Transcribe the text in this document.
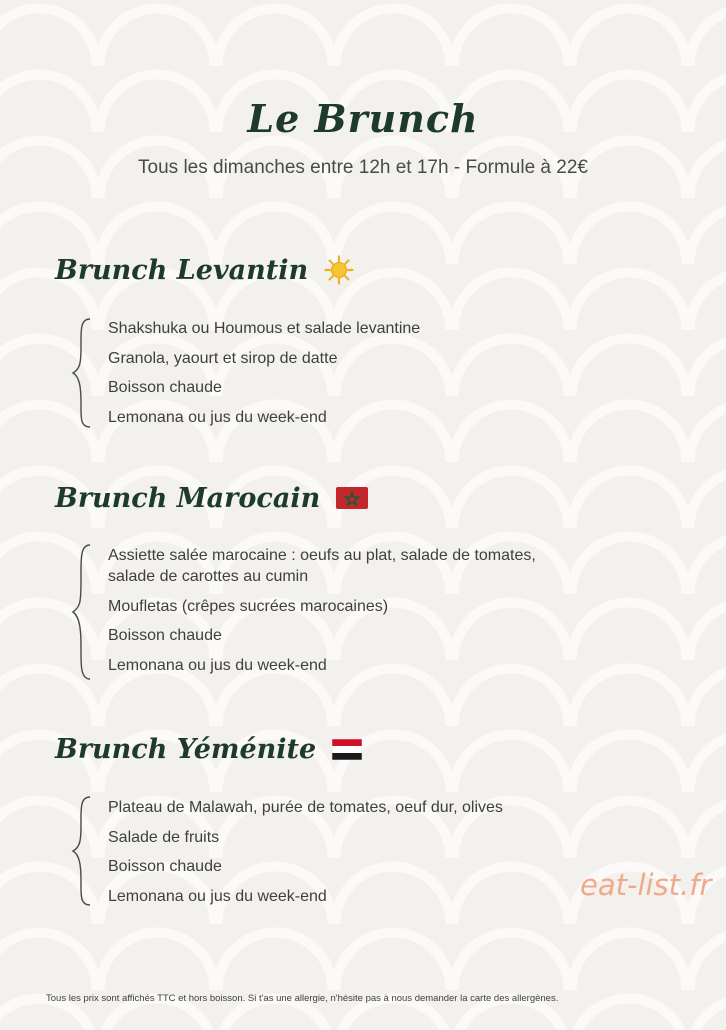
Le Brunch
Tous les dimanches entre 12h et 17h - Formule à 22€
Brunch Levantin
Shakshuka ou Houmous et salade levantine
Granola, yaourt et sirop de datte
Boisson chaude
Lemonana ou jus du week-end
Brunch Marocain
Assiette salée marocaine : oeufs au plat, salade de tomates,
salade de carottes au cumin
Moufletas (crêpes sucrées marocaines)
Boisson chaude
Lemonana ou jus du week-end
Brunch Yéménite
Plateau de Malawah, purée de tomates, oeuf dur, olives
Salade de fruits
Boisson chaude
Lemonana ou jus du week-end	eat-list.fr
Tous les prix sont affichés TTC et hors boisson. Si t'as une allergie, n'hésite pas à nous demander la carte des allergènes.
